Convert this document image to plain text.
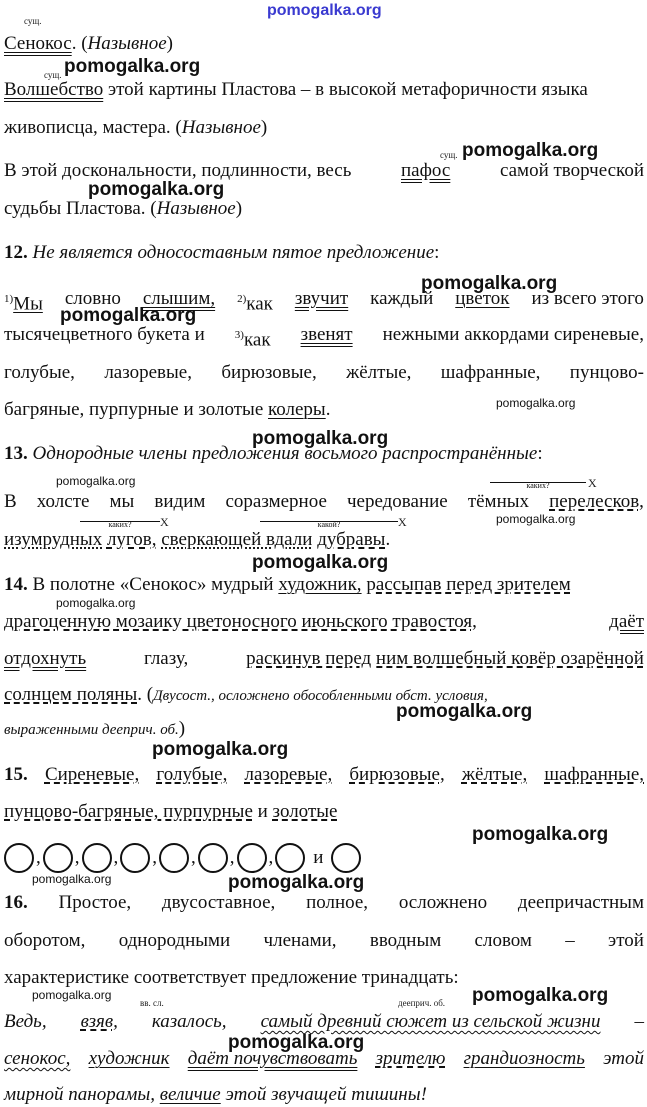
pomogalka.org
pomogalka.org
pomogalka.org
pomogalka.org
pomogalka.org
pomogalka.org
pomogalka.org
pomogalka.org
pomogalka.org
pomogalka.org
pomogalka.org
pomogalka.org
pomogalka.org
pomogalka.org
pomogalka.org
pomogalka.org	pomogalka.org
pomogalka.org	pomogalka.org
pomogalka.org
сущ.
сущ.
сущ.
вв. сл.	дееприч. об.
Сенокос. (Назывное)
Волшебство этой картины Пластова – в высокой метафоричности языка
живописца, мастера. (Назывное)
В этой доскональности, подлинности, весь	пафос	самой творческой
судьбы Пластова. (Назывное)
12. Не является односоставным пятое предложение:
$^{1)}$Мы словно слышим, $^{2)}$как звучит каждый цветок из всего этого
тысячецветного букета и	$^{3)}$как звенят нежными аккордами сиреневые,
голубые, лазоревые, бирюзовые, жёлтые, шафранные, пунцово-
багряные, пурпурные и золотые колеры.
13. Однородные члены предложения восьмого распространённые:
каких?	Х
В холсте мы видим соразмерное чередование тёмных перелесков,
каких? Х	какой?	Х
изумрудных лугов, сверкающей вдали дубравы.
14. В полотне «Сенокос» мудрый художник, рассыпав перед зрителем
драгоценную мозаику цветоносного июньского травостоя,	даёт
отдохнуть	глазу,	раскинув перед ним волшебный ковёр озарённой
солнцем поляны. (Двусост., осложнено обособленными обст. условия,
выраженными дееприч. об.)
15. Сиреневые, голубые, лазоревые, бирюзовые, жёлтые, шафранные,
пунцово-багряные, пурпурные и золотые
, , , , , , , и
16. Простое, двусоставное, полное, осложнено деепричастным
оборотом, однородными членами, вводным словом – этой
характеристике соответствует предложение тринадцать:
Ведь, взяв, казалось, самый древний сюжет из сельской жизни –
сенокос, художник даёт почувствовать зрителю грандиозность этой
мирной панорамы, величие этой звучащей тишины!
